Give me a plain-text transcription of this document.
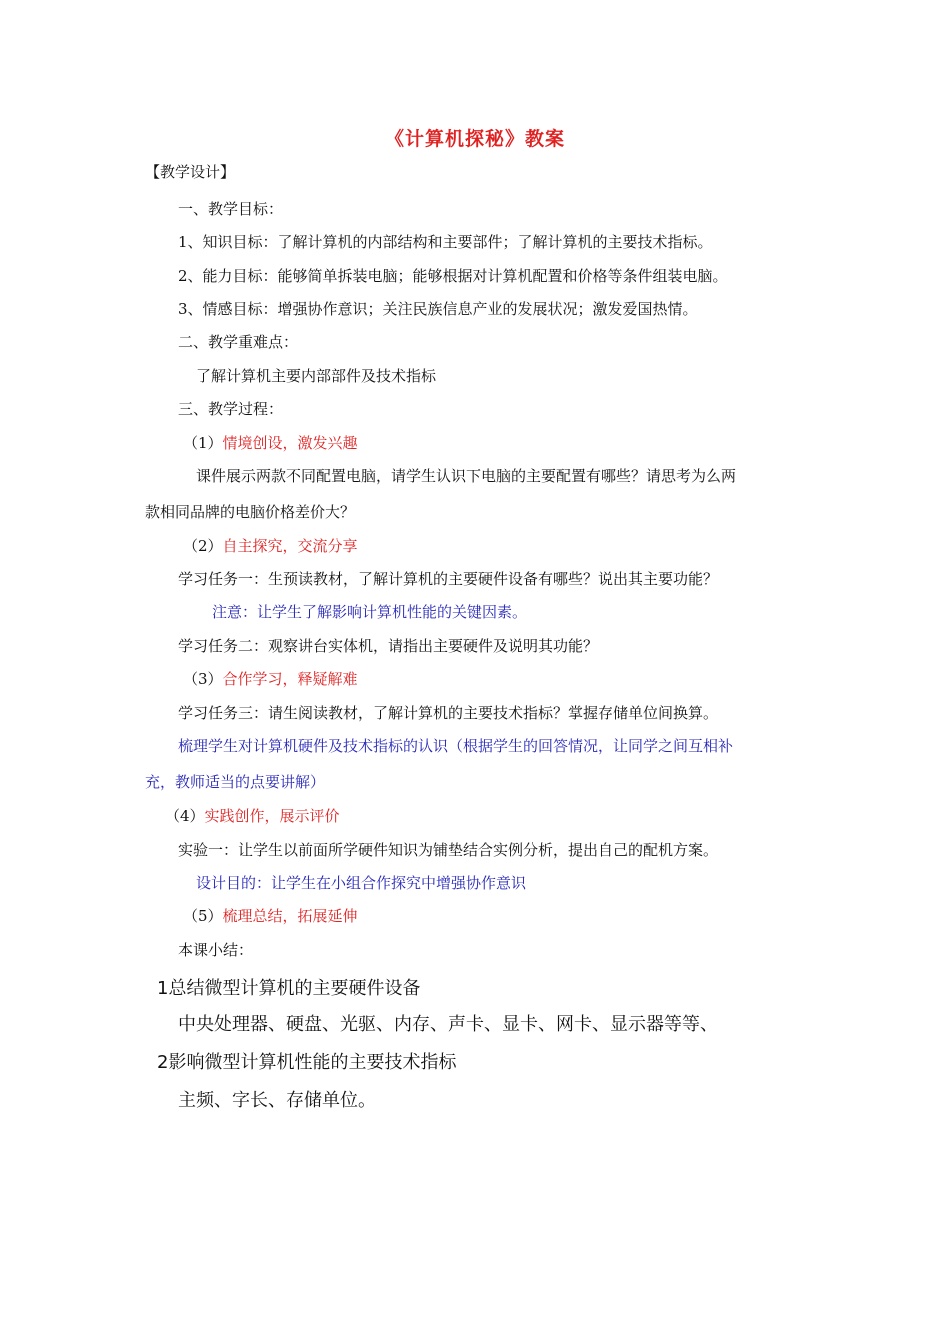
《计算机探秘》教案
【教学设计】
一、教学目标：
1、知识目标：了解计算机的内部结构和主要部件；了解计算机的主要技术指标。
2、能力目标：能够简单拆装电脑；能够根据对计算机配置和价格等条件组装电脑。
3、情感目标：增强协作意识；关注民族信息产业的发展状况；激发爱国热情。
二、教学重难点：
了解计算机主要内部部件及技术指标
三、教学过程：
（1）情境创设，激发兴趣
课件展示两款不同配置电脑，请学生认识下电脑的主要配置有哪些？请思考为么两
款相同品牌的电脑价格差价大？
（2）自主探究，交流分享
学习任务一：生预读教材，了解计算机的主要硬件设备有哪些？说出其主要功能？
注意：让学生了解影响计算机性能的关键因素。
学习任务二：观察讲台实体机，请指出主要硬件及说明其功能？
（3）合作学习，释疑解难
学习任务三：请生阅读教材，了解计算机的主要技术指标？掌握存储单位间换算。
梳理学生对计算机硬件及技术指标的认识（根据学生的回答情况，让同学之间互相补
充，教师适当的点要讲解）
（4）实践创作，展示评价
实验一：让学生以前面所学硬件知识为铺垫结合实例分析，提出自己的配机方案。
设计目的：让学生在小组合作探究中增强协作意识
（5）梳理总结，拓展延伸
本课小结：
1总结微型计算机的主要硬件设备
中央处理器、硬盘、光驱、内存、声卡、显卡、网卡、显示器等等、
2影响微型计算机性能的主要技术指标
主频、字长、存储单位。
